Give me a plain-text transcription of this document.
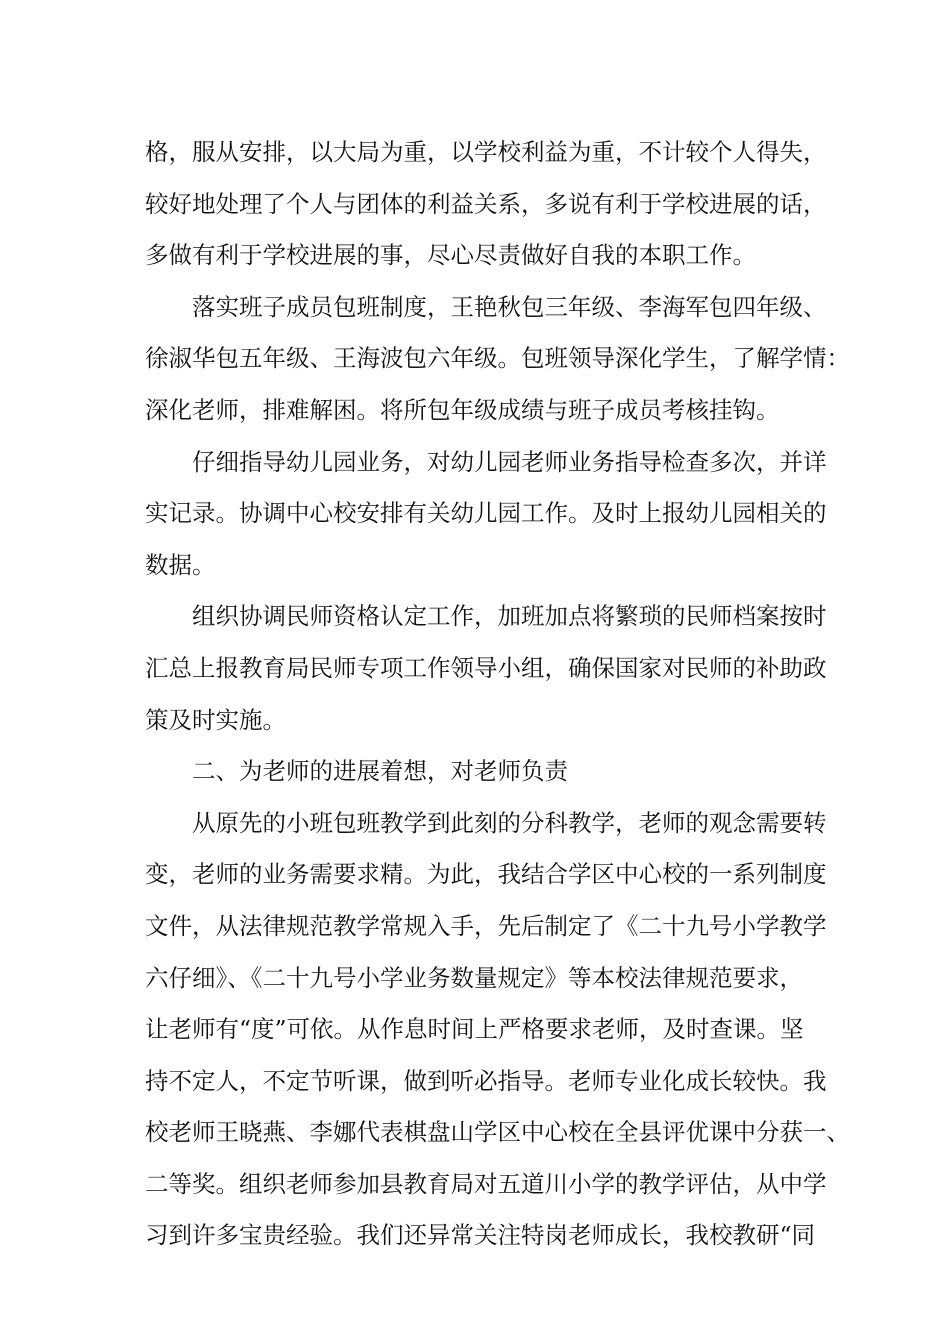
格，服从安排，以大局为重，以学校利益为重，不计较个人得失，
较好地处理了个人与团体的利益关系，多说有利于学校进展的话，
多做有利于学校进展的事，尽心尽责做好自我的本职工作。
落实班子成员包班制度，王艳秋包三年级、李海军包四年级、
徐淑华包五年级、王海波包六年级。包班领导深化学生，了解学情：
深化老师，排难解困。将所包年级成绩与班子成员考核挂钩。
仔细指导幼儿园业务，对幼儿园老师业务指导检查多次，并详
实记录。协调中心校安排有关幼儿园工作。及时上报幼儿园相关的
数据。
组织协调民师资格认定工作，加班加点将繁琐的民师档案按时
汇总上报教育局民师专项工作领导小组，确保国家对民师的补助政
策及时实施。
二、为老师的进展着想，对老师负责
从原先的小班包班教学到此刻的分科教学，老师的观念需要转
变，老师的业务需要求精。为此，我结合学区中心校的一系列制度
文件，从法律规范教学常规入手，先后制定了《二十九号小学教学
六仔细》、《二十九号小学业务数量规定》等本校法律规范要求，
让老师有“度”可依。从作息时间上严格要求老师，及时查课。坚
持不定人，不定节听课，做到听必指导。老师专业化成长较快。我
校老师王晓燕、李娜代表棋盘山学区中心校在全县评优课中分获一、
二等奖。组织老师参加县教育局对五道川小学的教学评估，从中学
习到许多宝贵经验。我们还异常关注特岗老师成长，我校教研“同
